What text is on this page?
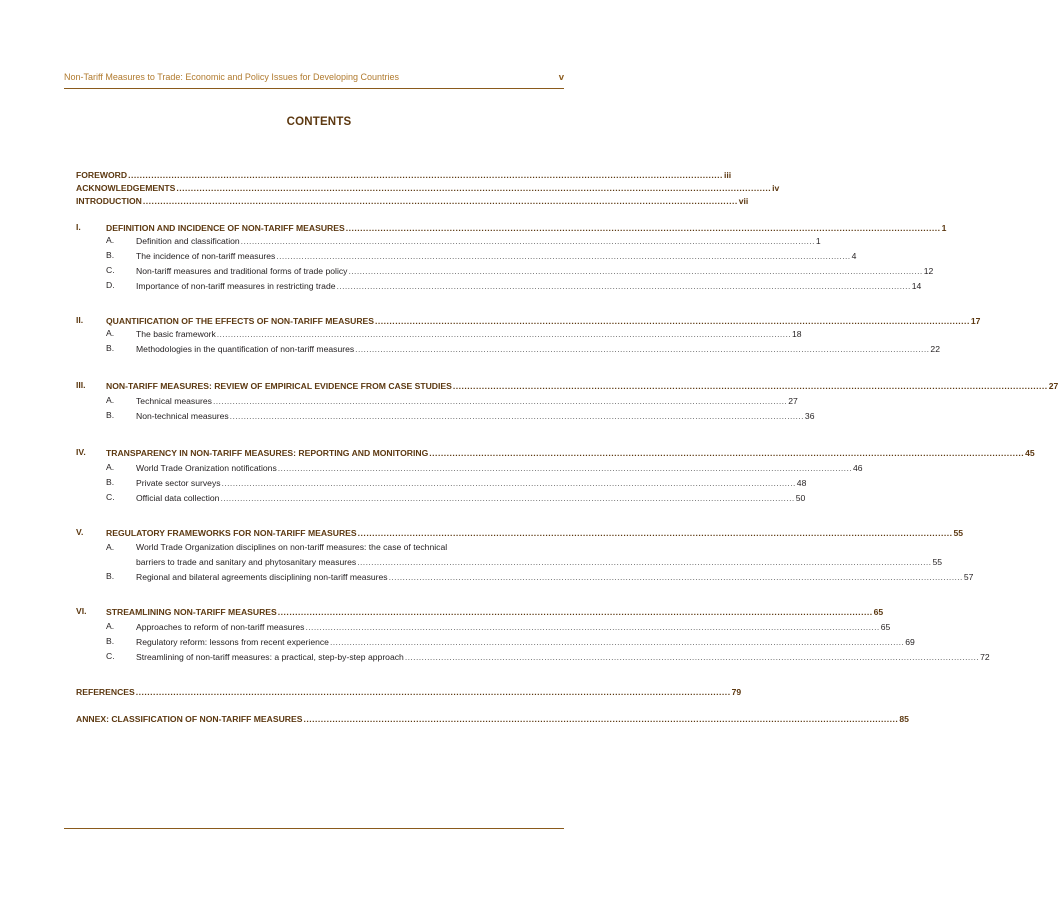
Non-Tariff Measures to Trade: Economic and Policy Issues for Developing Countries	v
CONTENTS
FOREWORD .............................................................................................................................................................................................................. iii
ACKNOWLEDGEMENTS .............................................................................................................................................................................................................. iv
INTRODUCTION .............................................................................................................................................................................................................. vii
I.	DEFINITION AND INCIDENCE OF NON-TARIFF MEASURES .............................................................................................................................................................................................................. 1
A.	Definition and classification .............................................................................................................................................................................................................. 1
B.	The incidence of non-tariff measures .............................................................................................................................................................................................................. 4
C. Non-tariff measures and traditional forms of trade policy .............................................................................................................................................................................................................. 12
D. Importance of non-tariff measures in restricting trade .............................................................................................................................................................................................................. 14
II.	QUANTIFICATION OF THE EFFECTS OF NON-TARIFF MEASURES .............................................................................................................................................................................................................. 17
A.	The basic framework .............................................................................................................................................................................................................. 18
B.	Methodologies in the quantification of non-tariff measures .............................................................................................................................................................................................................. 22
III. NON-TARIFF MEASURES: REVIEW OF EMPIRICAL EVIDENCE FROM CASE STUDIES .............................................................................................................................................................................................................. 27
A.	Technical measures .............................................................................................................................................................................................................. 27
B.	Non-technical measures .............................................................................................................................................................................................................. 36
IV. TRANSPARENCY IN NON-TARIFF MEASURES: REPORTING AND MONITORING .............................................................................................................................................................................................................. 45
A.	World Trade Oranization notifications .............................................................................................................................................................................................................. 46
B.	Private sector surveys .............................................................................................................................................................................................................. 48
C. Official data collection .............................................................................................................................................................................................................. 50
V.	REGULATORY FRAMEWORKS FOR NON-TARIFF MEASURES .............................................................................................................................................................................................................. 55
A.	World Trade Organization disciplines on non-tariff measures: the case of technical
barriers to trade and sanitary and phytosanitary measures .............................................................................................................................................................................................................. 55
B.	Regional and bilateral agreements disciplining non-tariff measures .............................................................................................................................................................................................................. 57
VI. STREAMLINING NON-TARIFF MEASURES .............................................................................................................................................................................................................. 65
A.	Approaches to reform of non-tariff measures .............................................................................................................................................................................................................. 65
B.	Regulatory reform: lessons from recent experience .............................................................................................................................................................................................................. 69
C. Streamlining of non-tariff measures: a practical, step-by-step approach .............................................................................................................................................................................................................. 72
REFERENCES .............................................................................................................................................................................................................. 79
ANNEX: CLASSIFICATION OF NON-TARIFF MEASURES .............................................................................................................................................................................................................. 85
